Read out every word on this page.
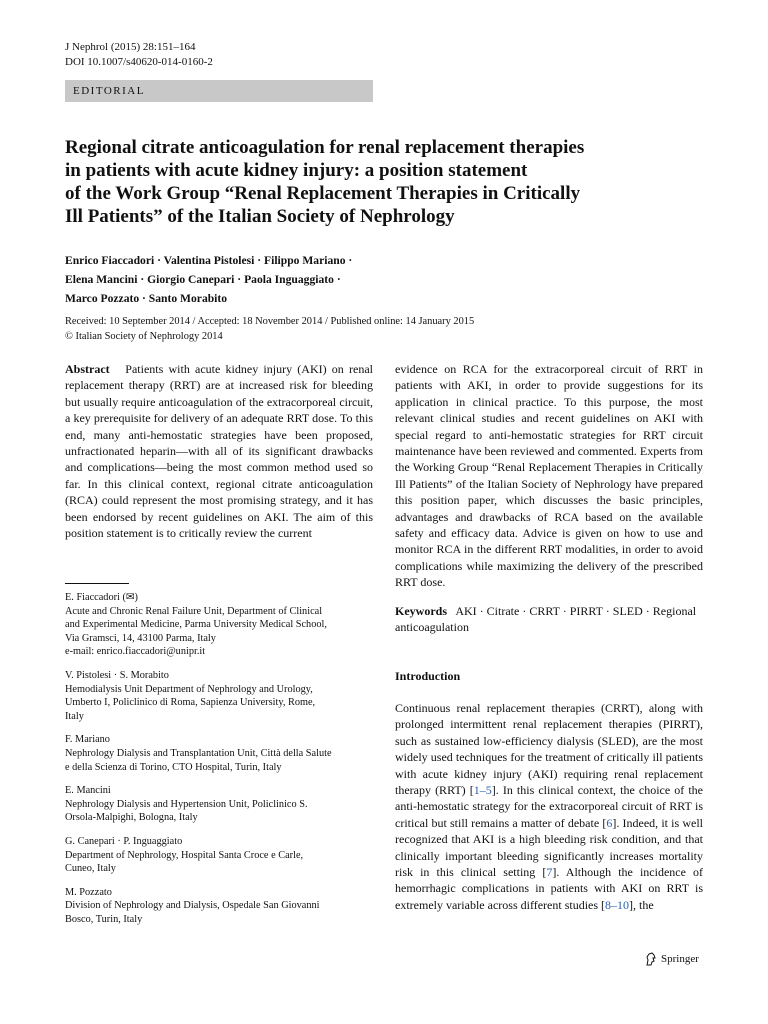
J Nephrol (2015) 28:151–164
DOI 10.1007/s40620-014-0160-2
EDITORIAL
Regional citrate anticoagulation for renal replacement therapies
in patients with acute kidney injury: a position statement
of the Work Group “Renal Replacement Therapies in Critically
Ill Patients” of the Italian Society of Nephrology
Enrico Fiaccadori · Valentina Pistolesi · Filippo Mariano ·
Elena Mancini · Giorgio Canepari · Paola Inguaggiato ·
Marco Pozzato · Santo Morabito
Received: 10 September 2014 / Accepted: 18 November 2014 / Published online: 14 January 2015
© Italian Society of Nephrology 2014
Abstract Patients with acute kidney injury (AKI) on renal replacement therapy (RRT) are at increased risk for bleeding but usually require anticoagulation of the extracorporeal circuit, a key prerequisite for delivery of an adequate RRT dose. To this end, many anti-hemostatic strategies have been proposed, unfractionated heparin—with all of its significant drawbacks and complications—being the most common method used so far. In this clinical context, regional citrate anticoagulation (RCA) could represent the most promising strategy, and it has been endorsed by recent guidelines on AKI. The aim of this position statement is to critically review the current
evidence on RCA for the extracorporeal circuit of RRT in patients with AKI, in order to provide suggestions for its application in clinical practice. To this purpose, the most relevant clinical studies and recent guidelines on AKI with special regard to anti-hemostatic strategies for RRT circuit maintenance have been reviewed and commented. Experts from the Working Group “Renal Replacement Therapies in Critically Ill Patients” of the Italian Society of Nephrology have prepared this position paper, which discusses the basic principles, advantages and drawbacks of RCA based on the available safety and efficacy data. Advice is given on how to use and monitor RCA in the different RRT modalities, in order to avoid complications while maximizing the delivery of the prescribed RRT dose.
E. Fiaccadori (✉)
Acute and Chronic Renal Failure Unit, Department of Clinical
and Experimental Medicine, Parma University Medical School,
Via Gramsci, 14, 43100 Parma, Italy
e-mail: enrico.fiaccadori@unipr.it
V. Pistolesi · S. Morabito
Hemodialysis Unit Department of Nephrology and Urology,
Umberto I, Policlinico di Roma, Sapienza University, Rome,
Italy
F. Mariano
Nephrology Dialysis and Transplantation Unit, Città della Salute
e della Scienza di Torino, CTO Hospital, Turin, Italy
E. Mancini
Nephrology Dialysis and Hypertension Unit, Policlinico S.
Orsola-Malpighi, Bologna, Italy
G. Canepari · P. Inguaggiato
Department of Nephrology, Hospital Santa Croce e Carle,
Cuneo, Italy
M. Pozzato
Division of Nephrology and Dialysis, Ospedale San Giovanni
Bosco, Turin, Italy
Keywords AKI · Citrate · CRRT · PIRRT · SLED · Regional anticoagulation
Introduction
Continuous renal replacement therapies (CRRT), along with prolonged intermittent renal replacement therapies (PIRRT), such as sustained low-efficiency dialysis (SLED), are the most widely used techniques for the treatment of critically ill patients with acute kidney injury (AKI) requiring renal replacement therapy (RRT) [1–5]. In this clinical context, the choice of the anti-hemostatic strategy for the extracorporeal circuit of RRT is critical but still remains a matter of debate [6]. Indeed, it is well recognized that AKI is a high bleeding risk condition, and that clinically important bleeding significantly increases mortality risk in this clinical setting [7]. Although the incidence of hemorrhagic complications in patients with AKI on RRT is extremely variable across different studies [8–10], the
Springer
